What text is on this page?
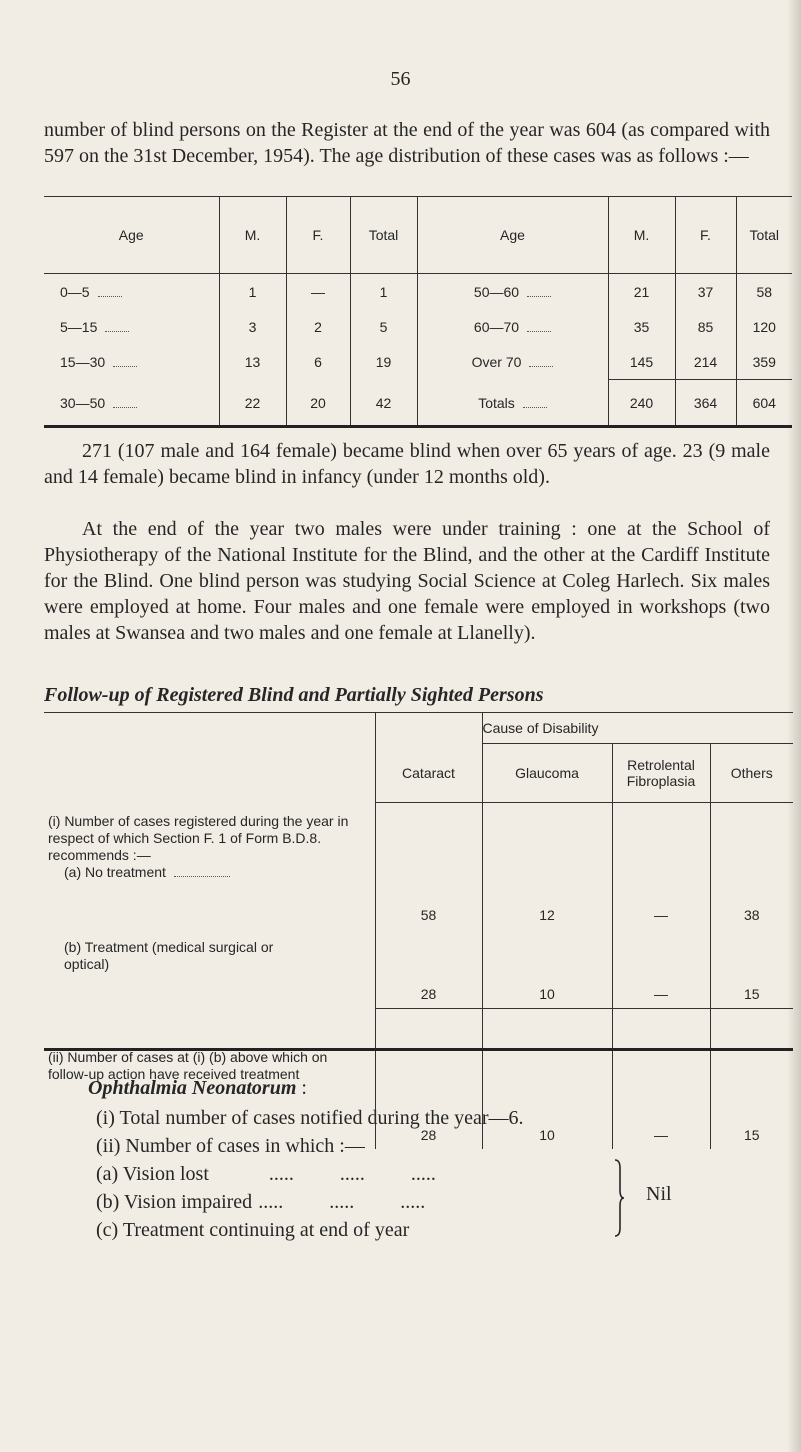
56

number of blind persons on the Register at the end of the year was 604 (as compared with 597 on the 31st December, 1954). The age distribution of these cases was as follows :—

Age	M.	F.	Total	Age	M.	F.	Total
0—5	1	—	1	50—60	21	37	58
5—15	3	2	5	60—70	35	85	120
15—30	13	6	19	Over 70	145	214	359
30—50	22	20	42	Totals	240	364	604

271 (107 male and 164 female) became blind when over 65 years of age. 23 (9 male and 14 female) became blind in infancy (under 12 months old).

At the end of the year two males were under training : one at the School of Physiotherapy of the National Institute for the Blind, and the other at the Cardiff Institute for the Blind. One blind person was studying Social Science at Coleg Harlech. Six males were employed at home. Four males and one female were employed in workshops (two males at Swansea and two males and one female at Llanelly).

Follow-up of Registered Blind and Partially Sighted Persons

		Cause of Disability		
	Cataract	Glaucoma	Retrolental Fibroplasia	Others

(i) Number of cases registered during the year in respect of which Section F. 1 of Form B.D.8. recommends :—
(a) No treatment	58	12	—	38
(b) Treatment (medical surgical or optical)	28	10	—	15
(ii) Number of cases at (i) (b) above which on follow-up action have received treatment	28	10	—	15
Ophthalmia Neonatorum :
(i) Total number of cases notified during the year—6.
(ii) Number of cases in which :—
(a) Vision lost	..... ..... .....
(b) Vision impaired ..... ..... .....
(c) Treatment continuing at end of year
Nil
